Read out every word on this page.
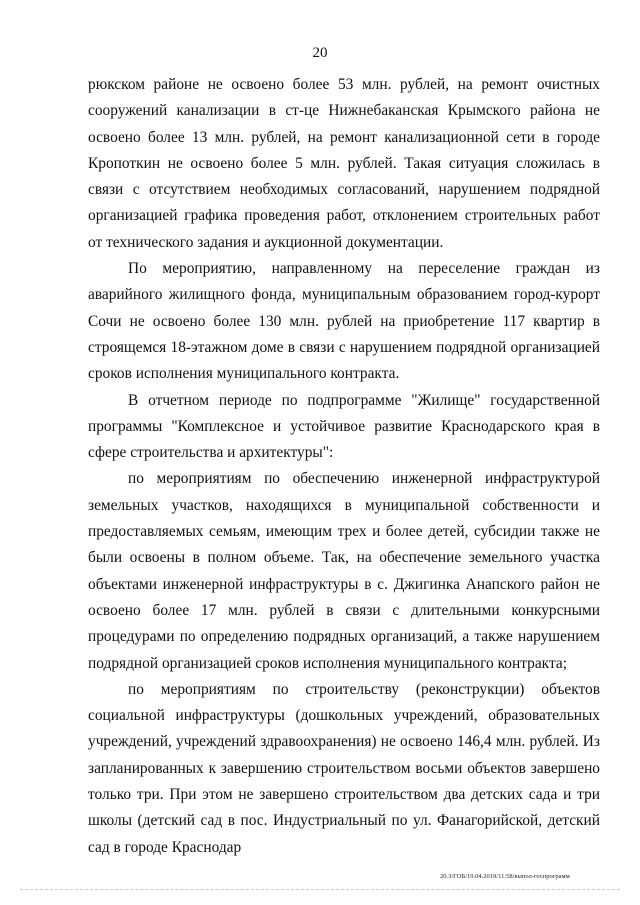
20

рюкском районе не освоено более 53 млн. рублей, на ремонт очистных сооружений канализации в ст-це Нижнебаканская Крымского района не освоено более 13 млн. рублей, на ремонт канализационной сети в городе Кропоткин не освоено более 5 млн. рублей. Такая ситуация сложилась в связи с отсутствием необходимых согласований, нарушением подрядной организацией графика проведения работ, отклонением строительных работ от технического задания и аукционной документации.

По мероприятию, направленному на переселение граждан из аварийного жилищного фонда, муниципальным образованием город-курорт Сочи не освоено более 130 млн. рублей на приобретение 117 квартир в строящемся 18-этажном доме в связи с нарушением подрядной организацией сроков исполнения муниципального контракта.

В отчетном периоде по подпрограмме "Жилище" государственной программы "Комплексное и устойчивое развитие Краснодарского края в сфере строительства и архитектуры":

по мероприятиям по обеспечению инженерной инфраструктурой земельных участков, находящихся в муниципальной собственности и предоставляемых семьям, имеющим трех и более детей, субсидии также не были освоены в полном объеме. Так, на обеспечение земельного участка объектами инженерной инфраструктуры в с. Джигинка Анапского район не освоено более 17 млн. рублей в связи с длительными конкурсными процедурами по определению подрядных организаций, а также нарушением подрядной организацией сроков исполнения муниципального контракта;

по мероприятиям по строительству (реконструкции) объектов социальной инфраструктуры (дошкольных учреждений, образовательных учреждений, учреждений здравоохранения) не освоено 146,4 млн. рублей. Из запланированных к завершению строительством восьми объектов завершено только три. При этом не завершено строительством два детских сада и три школы (детский сад в пос. Индустриальный по ул. Фанагорийской, детский сад в городе Краснодар

20.3/ГОБ/19.04.2019/11:58/выпол-госпрограмм
